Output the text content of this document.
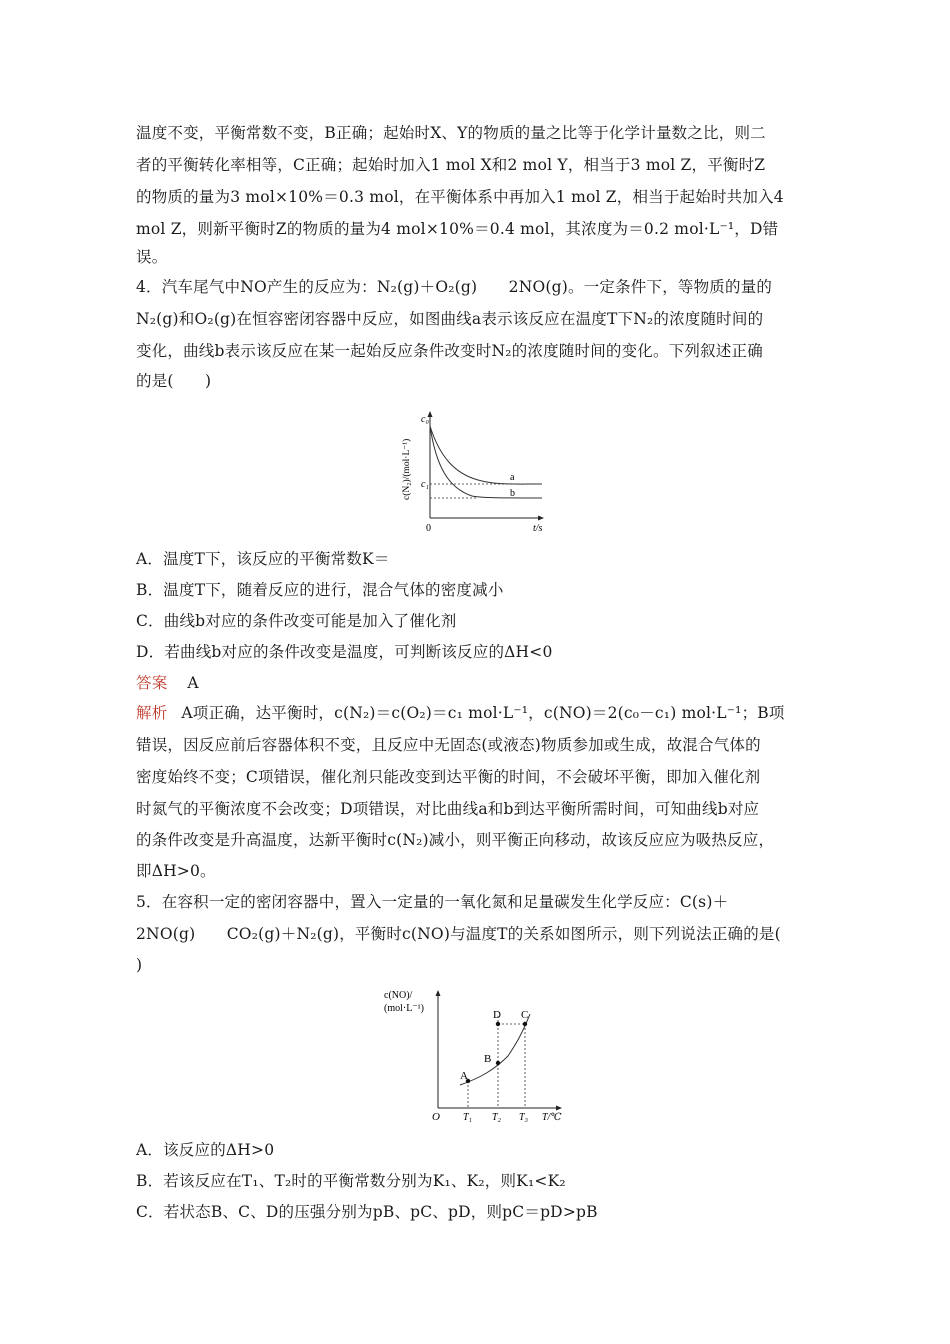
温度不变，平衡常数不变，B正确；起始时X、Y的物质的量之比等于化学计量数之比，则二
者的平衡转化率相等，C正确；起始时加入1 mol X和2 mol Y，相当于3 mol Z，平衡时Z
的物质的量为3 mol×10%＝0.3 mol，在平衡体系中再加入1 mol Z，相当于起始时共加入4
mol Z，则新平衡时Z的物质的量为4 mol×10%＝0.4 mol，其浓度为＝0.2 mol·L⁻¹，D错
误。
4．汽车尾气中NO产生的反应为：N₂(g)＋O₂(g)　　2NO(g)。一定条件下，等物质的量的
N₂(g)和O₂(g)在恒容密闭容器中反应，如图曲线a表示该反应在温度T下N₂的浓度随时间的
变化，曲线b表示该反应在某一起始反应条件改变时N₂的浓度随时间的变化。下列叙述正确
的是(　　)
c₀
c₁
0	t/s
a
b
c(N₂)/(mol·L⁻¹)
A．温度T下，该反应的平衡常数K＝
B．温度T下，随着反应的进行，混合气体的密度减小
C．曲线b对应的条件改变可能是加入了催化剂
D．若曲线b对应的条件改变是温度，可判断该反应的ΔH<0
答案 A
解析 A项正确，达平衡时，c(N₂)＝c(O₂)＝c₁ mol·L⁻¹，c(NO)＝2(c₀－c₁) mol·L⁻¹；B项
错误，因反应前后容器体积不变，且反应中无固态(或液态)物质参加或生成，故混合气体的
密度始终不变；C项错误，催化剂只能改变到达平衡的时间，不会破坏平衡，即加入催化剂
时氮气的平衡浓度不会改变；D项错误，对比曲线a和b到达平衡所需时间，可知曲线b对应
的条件改变是升高温度，达新平衡时c(N₂)减小，则平衡正向移动，故该反应应为吸热反应，
即ΔH>0。
5．在容积一定的密闭容器中，置入一定量的一氧化氮和足量碳发生化学反应：C(s)＋
2NO(g)　　CO₂(g)＋N₂(g)，平衡时c(NO)与温度T的关系如图所示，则下列说法正确的是(
)
A
B
C
D
O T₁ T₂ T₃ T/℃
c(NO)/
(mol·L⁻¹)
A．该反应的ΔH>0
B．若该反应在T₁、T₂时的平衡常数分别为K₁、K₂，则K₁<K₂
C．若状态B、C、D的压强分别为pB、pC、pD，则pC＝pD>pB
